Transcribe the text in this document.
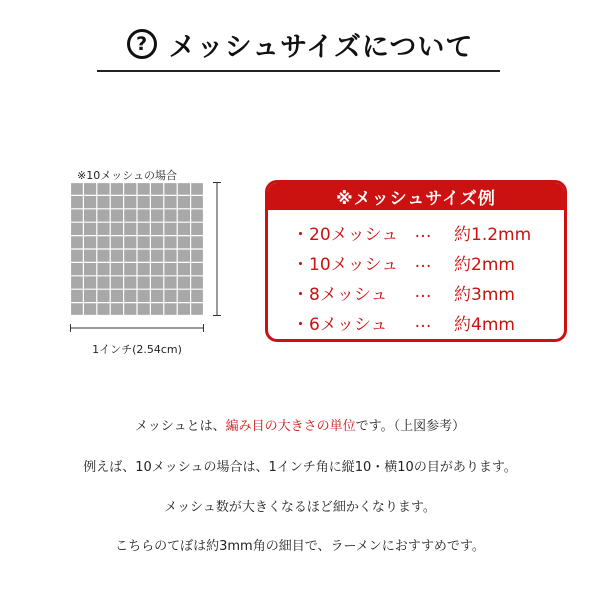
? メッシュサイズについて
※10メッシュの場合
1インチ(2.54cm)
※メッシュサイズ例
・20メッシュ …	約1.2mm
・10メッシュ …	約2mm
・8メッシュ	…	約3mm
・6メッシュ	…	約4mm
メッシュとは、編み目の大きさの単位です。（上図参考）
例えば、10メッシュの場合は、1インチ角に縦10・横10の目があります。
メッシュ数が大きくなるほど細かくなります。
こちらのてぼは約3mm角の細目で、ラーメンにおすすめです。
